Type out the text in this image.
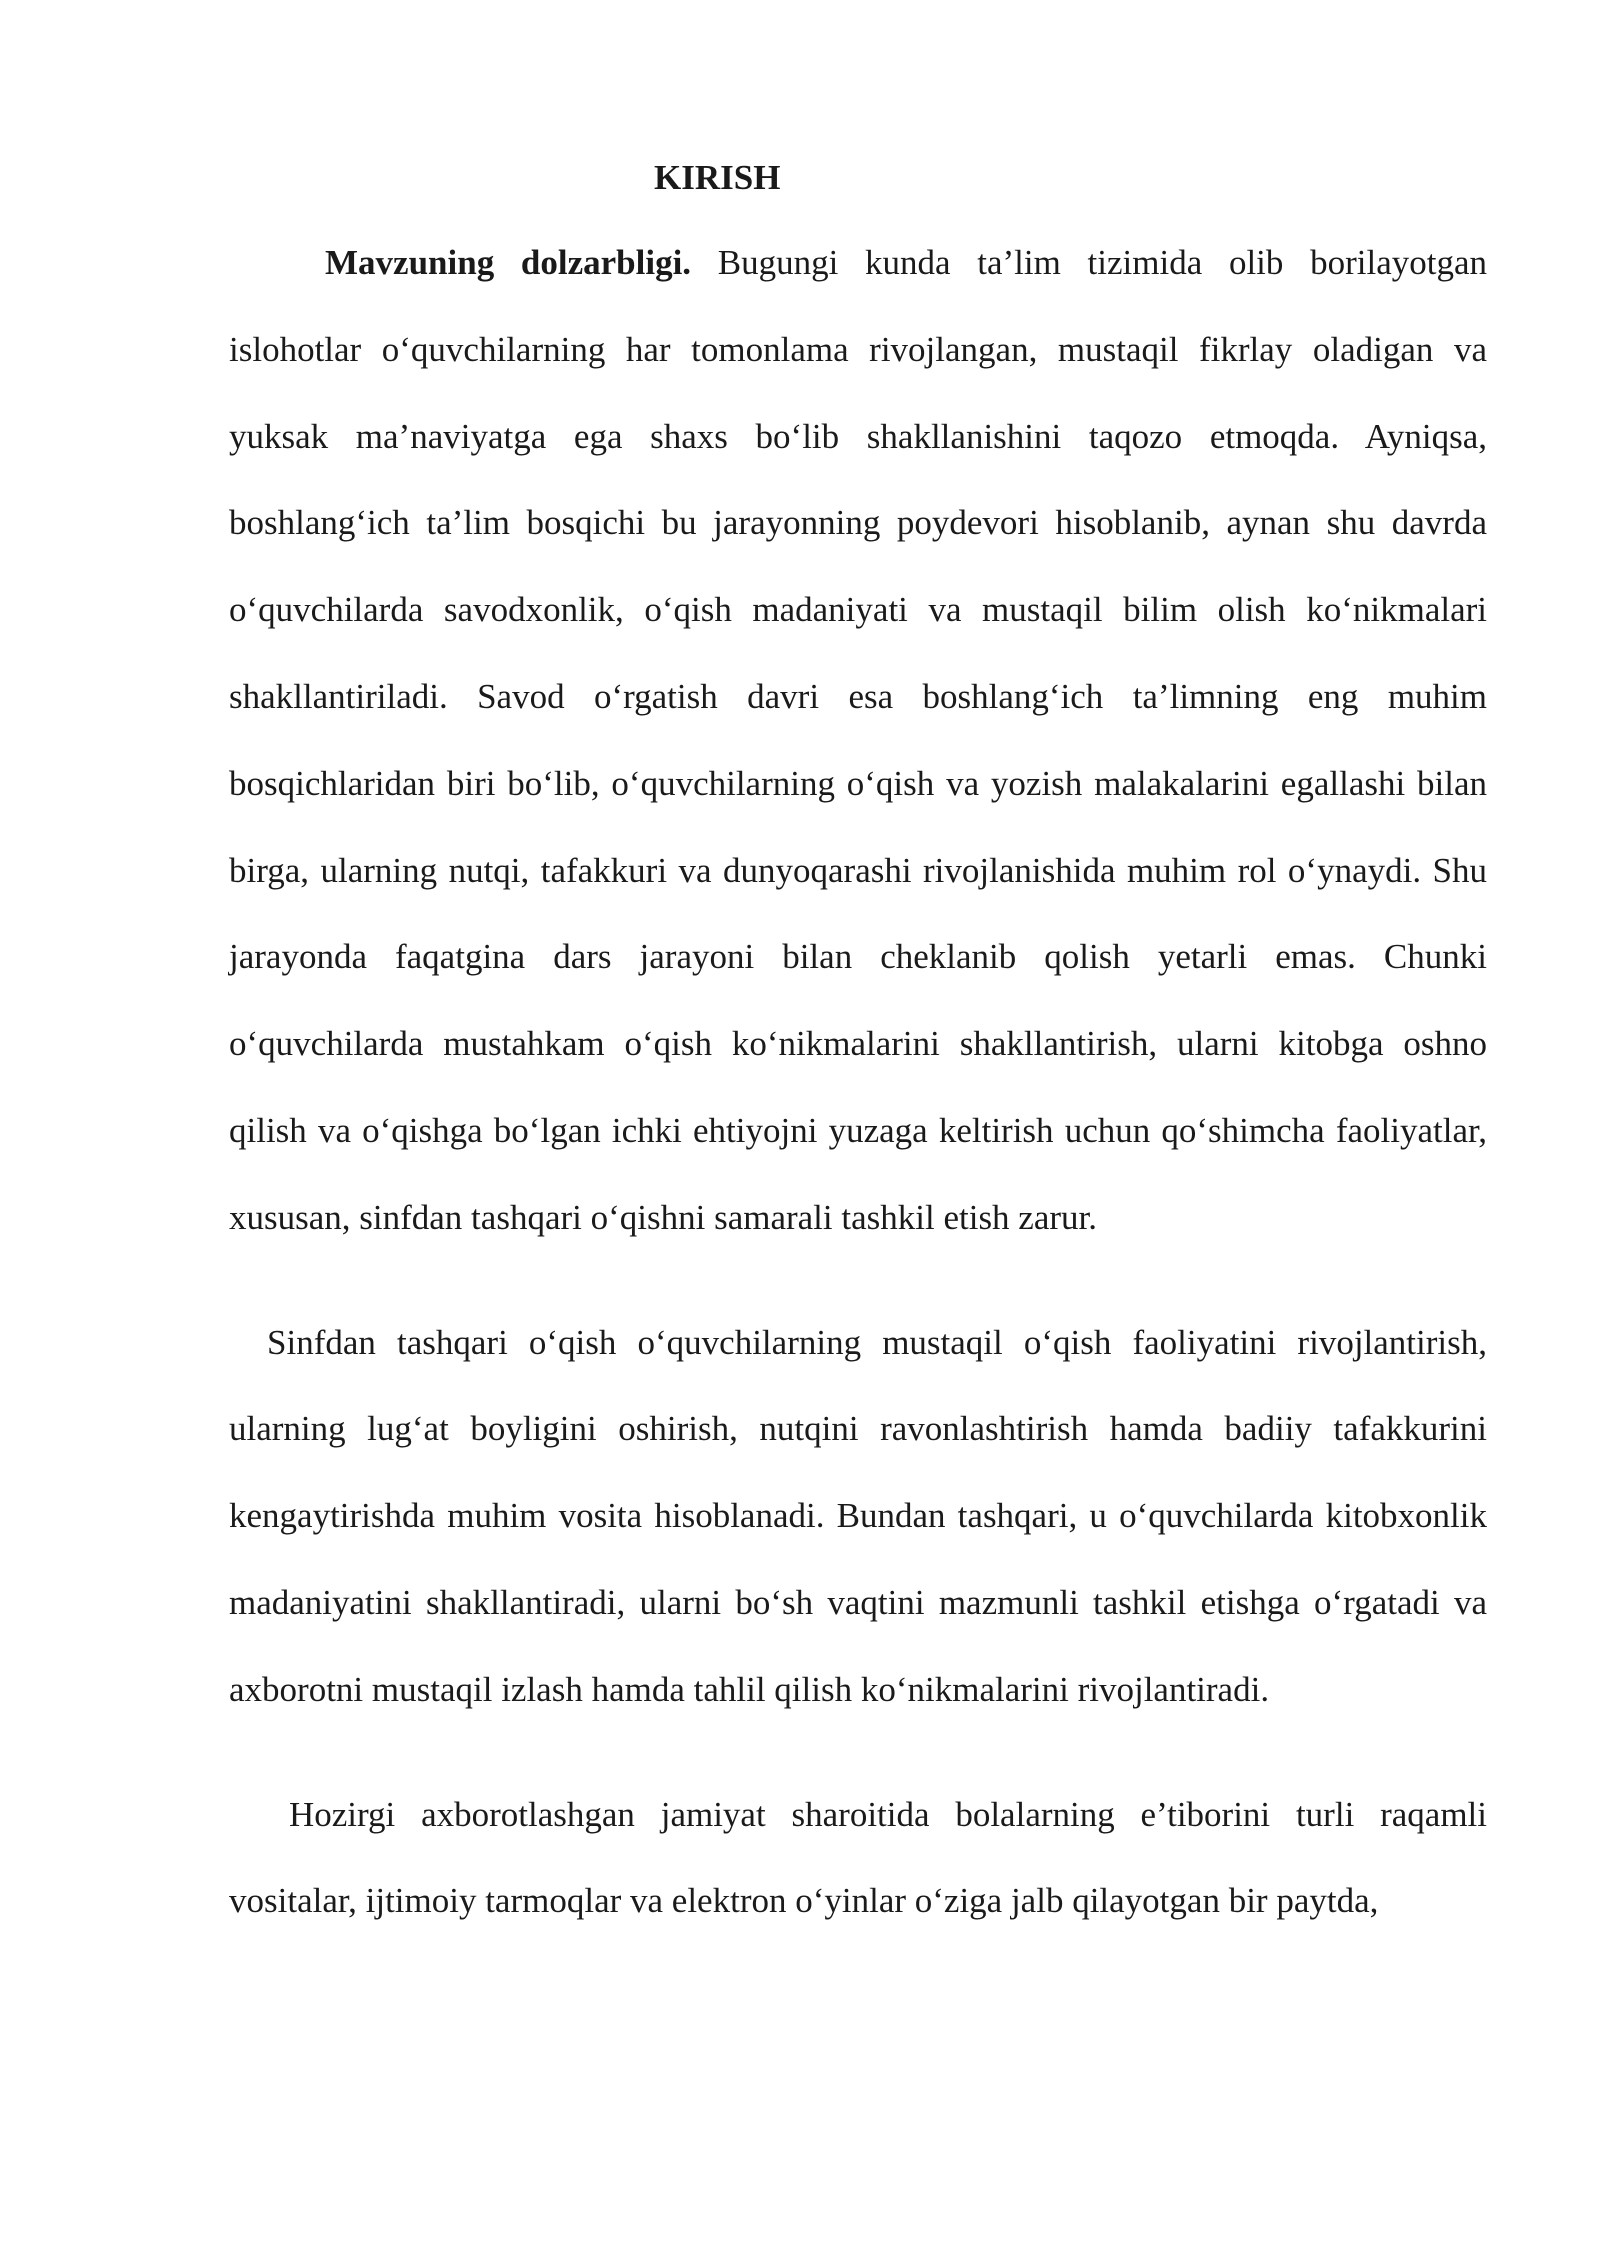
KIRISH

Mavzuning dolzarbligi. Bugungi kunda ta’lim tizimida olib borilayotgan islohotlar o‘quvchilarning har tomonlama rivojlangan, mustaqil fikrlay oladigan va yuksak ma’naviyatga ega shaxs bo‘lib shakllanishini taqozo etmoqda. Ayniqsa, boshlang‘ich ta’lim bosqichi bu jarayonning poydevori hisoblanib, aynan shu davrda o‘quvchilarda savodxonlik, o‘qish madaniyati va mustaqil bilim olish ko‘nikmalari shakllantiriladi. Savod o‘rgatish davri esa boshlang‘ich ta’limning eng muhim bosqichlaridan biri bo‘lib, o‘quvchilarning o‘qish va yozish malakalarini egallashi bilan birga, ularning nutqi, tafakkuri va dunyoqarashi rivojlanishida muhim rol o‘ynaydi. Shu jarayonda faqatgina dars jarayoni bilan cheklanib qolish yetarli emas. Chunki o‘quvchilarda mustahkam o‘qish ko‘nikmalarini shakllantirish, ularni kitobga oshno qilish va o‘qishga bo‘lgan ichki ehtiyojni yuzaga keltirish uchun qo‘shimcha faoliyatlar, xususan, sinfdan tashqari o‘qishni samarali tashkil etish zarur.

Sinfdan tashqari o‘qish o‘quvchilarning mustaqil o‘qish faoliyatini rivojlantirish, ularning lug‘at boyligini oshirish, nutqini ravonlashtirish hamda badiiy tafakkurini kengaytirishda muhim vosita hisoblanadi. Bundan tashqari, u o‘quvchilarda kitobxonlik madaniyatini shakllantiradi, ularni bo‘sh vaqtini mazmunli tashkil etishga o‘rgatadi va axborotni mustaqil izlash hamda tahlil qilish ko‘nikmalarini rivojlantiradi.

Hozirgi axborotlashgan jamiyat sharoitida bolalarning e’tiborini turli raqamli vositalar, ijtimoiy tarmoqlar va elektron o‘yinlar o‘ziga jalb qilayotgan bir paytda,
